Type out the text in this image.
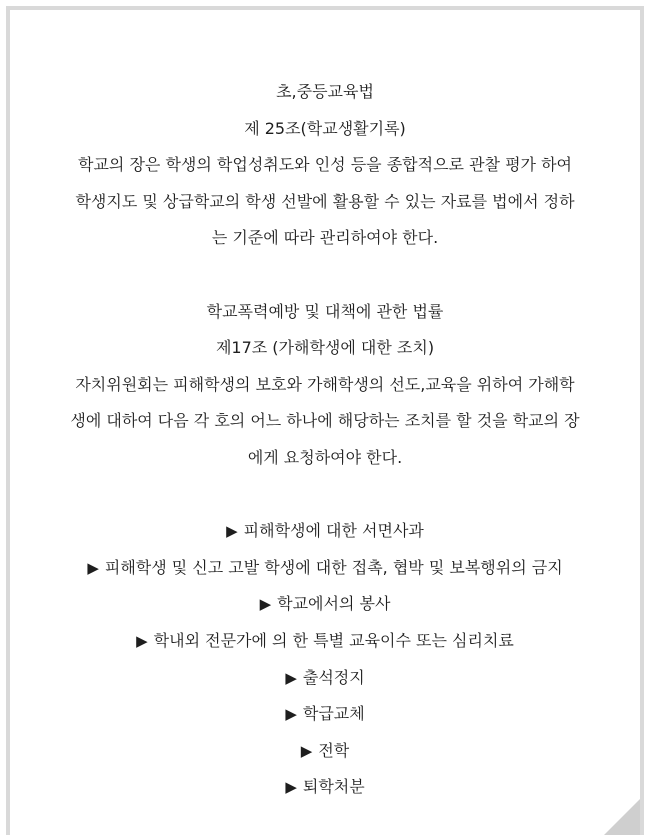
초,중등교육법
제 25조(학교생활기록)
학교의 장은 학생의 학업성취도와 인성 등을 종합적으로 관찰 평가 하여
학생지도 및 상급학교의 학생 선발에 활용할 수 있는 자료를 법에서 정하
는 기준에 따라 관리하여야 한다.
학교폭력예방 및 대책에 관한 법률
제17조 (가해학생에 대한 조치)
자치위원회는 피해학생의 보호와 가해학생의 선도,교육을 위하여 가해학
생에 대하여 다음 각 호의 어느 하나에 해당하는 조치를 할 것을 학교의 장
에게 요청하여야 한다.
▶ 피해학생에 대한 서면사과
▶ 피해학생 및 신고 고발 학생에 대한 접촉, 협박 및 보복행위의 금지
▶ 학교에서의 봉사
▶ 학내외 전문가에 의 한 특별 교육이수 또는 심리치료
▶ 출석정지
▶ 학급교체
▶ 전학
▶ 퇴학처분
